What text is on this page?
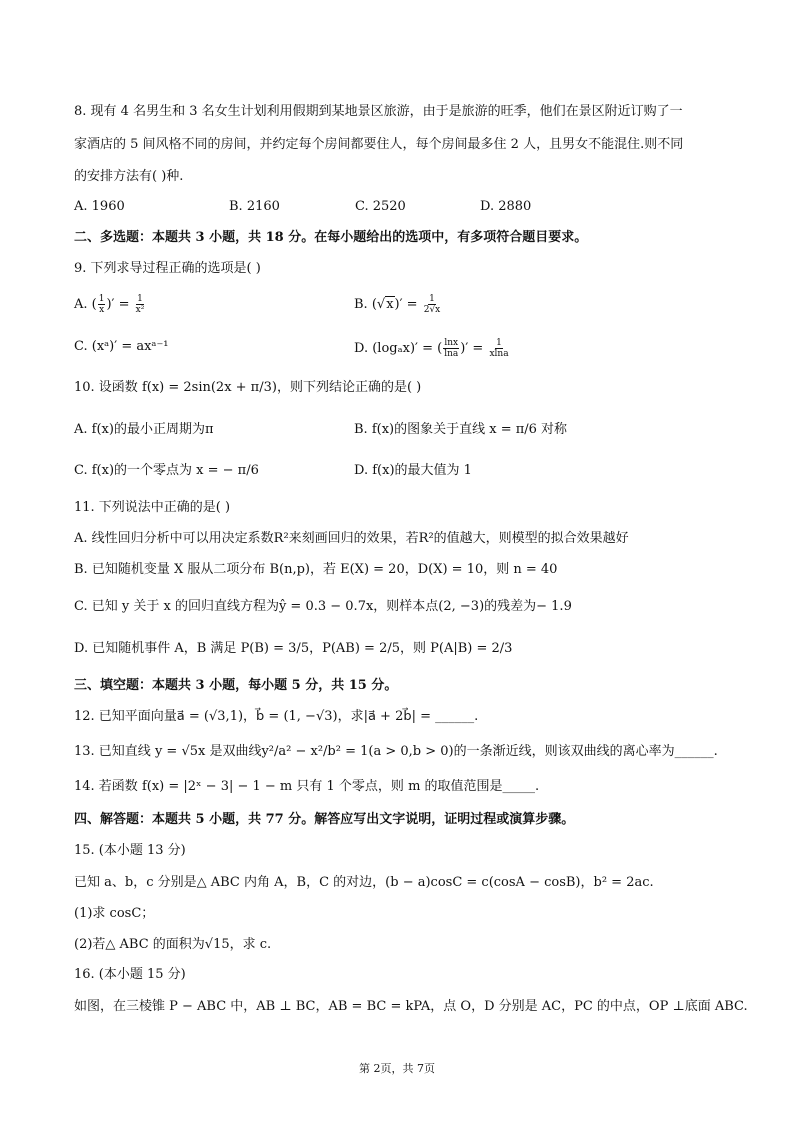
8. 现有 4 名男生和 3 名女生计划利用假期到某地景区旅游，由于是旅游的旺季，他们在景区附近订购了一
家酒店的 5 间风格不同的房间，并约定每个房间都要住人，每个房间最多住 2 人，且男女不能混住.则不同
的安排方法有( )种.
A. 1960	B. 2160	C. 2520	D. 2880
二、多选题：本题共 3 小题，共 18 分。在每小题给出的选项中，有多项符合题目要求。
9. 下列求导过程正确的选项是( )
A. ( $\frac{1}{x}$ )′ = $\frac{1}{\text{x²}}$	B. $(√x)' = \frac{1}{2√x}$
C. (xᵃ)′ = axᵃ⁻¹	D. (logₐx)′ = ( $\frac{\ln x}{\ln a}$ )′ = $\frac{1}{xlna}$
10. 设函数 f(x) = 2sin(2x + π/3)，则下列结论正确的是( )
A. f(x)的最小正周期为π	B. f(x)的图象关于直线 x = π/6 对称
C. f(x)的一个零点为 x = − π/6	D. f(x)的最大值为 1
11. 下列说法中正确的是( )
A. 线性回归分析中可以用决定系数R²来刻画回归的效果，若R²的值越大，则模型的拟合效果越好
B. 已知随机变量 X 服从二项分布 B(n,p)，若 E(X) = 20，D(X) = 10，则 n = 40
C. 已知 y 关于 x 的回归直线方程为ŷ = 0.3 − 0.7x，则样本点(2, −3)的残差为− 1.9
D. 已知随机事件 A，B 满足 P(B) = 3/5，P(AB) = 2/5，则 P(A|B) = 2/3
三、填空题：本题共 3 小题，每小题 5 分，共 15 分。
12. 已知平面向量a⃗ = (√3,1)，b⃗ = (1, −√3)，求|a⃗ + 2b⃗| = ______.
13. 已知直线 y = √5x 是双曲线y²/a² − x²/b² = 1(a > 0,b > 0)的一条渐近线，则该双曲线的离心率为______.
14. 若函数 f(x) = |2ˣ − 3| − 1 − m 只有 1 个零点，则 m 的取值范围是_____.
四、解答题：本题共 5 小题，共 77 分。解答应写出文字说明，证明过程或演算步骤。
15. (本小题 13 分)
已知 a、b，c 分别是△ ABC 内角 A，B，C 的对边，(b − a)cosC = c(cosA − cosB)，b² = 2ac.
(1)求 cosC；
(2)若△ ABC 的面积为√15，求 c.
16. (本小题 15 分)
如图，在三棱锥 P − ABC 中，AB ⊥ BC，AB = BC = kPA，点 O，D 分别是 AC，PC 的中点，OP ⊥底面 ABC.
第 2页，共 7页
